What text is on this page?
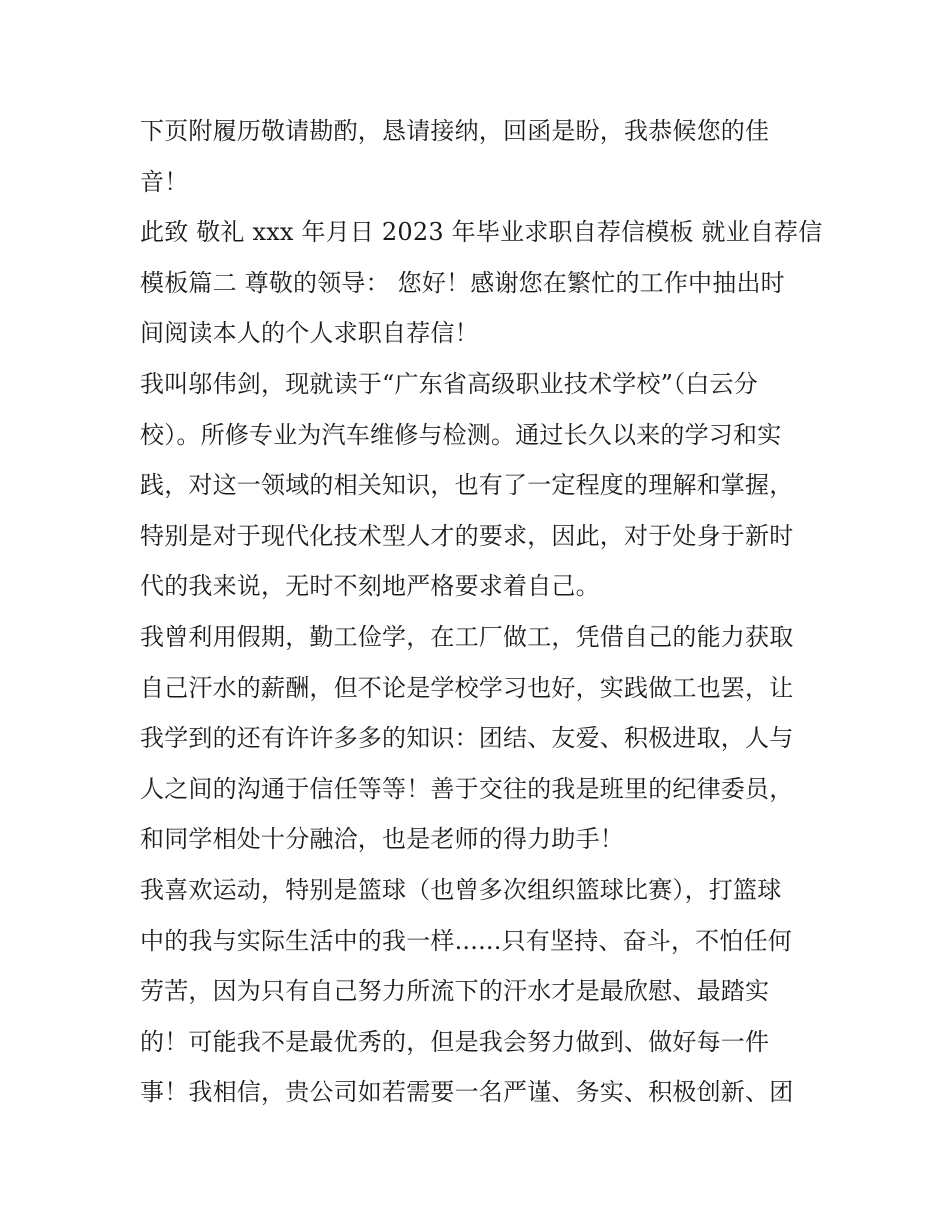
下页附履历敬请勘酌，恳请接纳，回函是盼，我恭候您的佳
音！
此致 敬礼 xxx 年月日 2023 年毕业求职自荐信模板 就业自荐信
模板篇二 尊敬的领导： 您好！感谢您在繁忙的工作中抽出时
间阅读本人的个人求职自荐信！
我叫邬伟剑，现就读于“广东省高级职业技术学校”（白云分
校）。所修专业为汽车维修与检测。通过长久以来的学习和实
践，对这一领域的相关知识，也有了一定程度的理解和掌握，
特别是对于现代化技术型人才的要求，因此，对于处身于新时
代的我来说，无时不刻地严格要求着自己。
我曾利用假期，勤工俭学，在工厂做工，凭借自己的能力获取
自己汗水的薪酬，但不论是学校学习也好，实践做工也罢，让
我学到的还有许许多多的知识：团结、友爱、积极进取，人与
人之间的沟通于信任等等！善于交往的我是班里的纪律委员，
和同学相处十分融洽，也是老师的得力助手！
我喜欢运动，特别是篮球（也曾多次组织篮球比赛），打篮球
中的我与实际生活中的我一样......只有坚持、奋斗，不怕任何
劳苦，因为只有自己努力所流下的汗水才是最欣慰、最踏实
的！可能我不是最优秀的，但是我会努力做到、做好每一件
事！我相信，贵公司如若需要一名严谨、务实、积极创新、团
